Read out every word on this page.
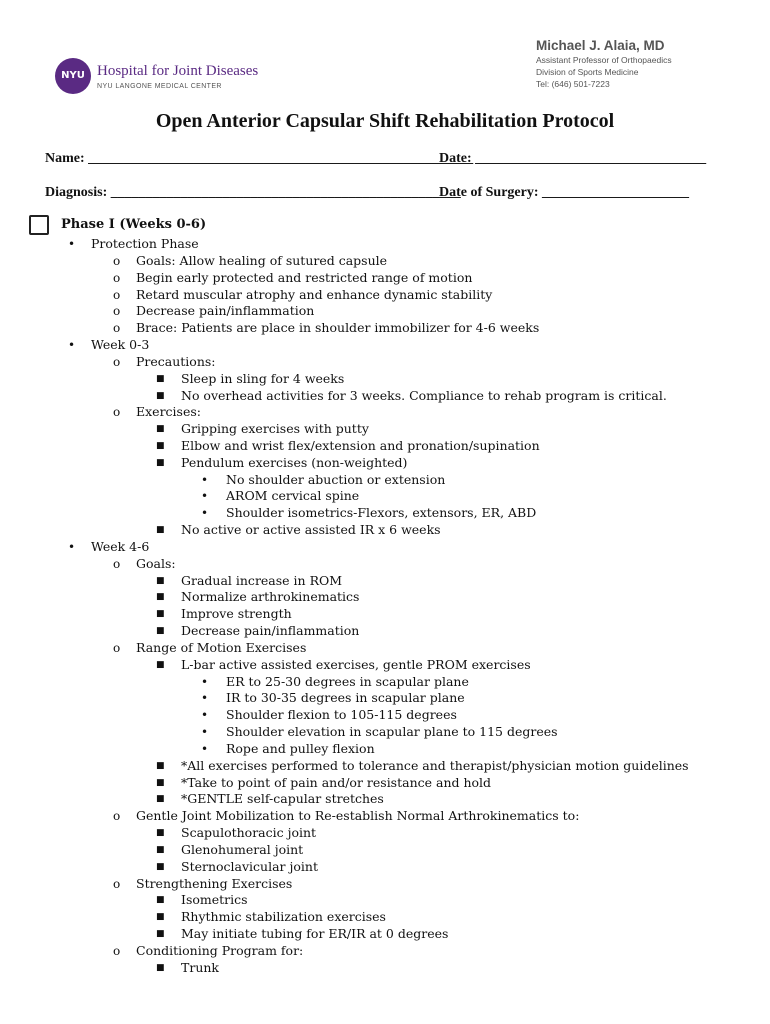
NYU Hospital for Joint Diseases
NYU LANGONE MEDICAL CENTER
Michael J. Alaia, MD
Assistant Professor of Orthopaedics
Division of Sports Medicine
Tel: (646) 501-7223
Open Anterior Capsular Shift Rehabilitation Protocol
Name: _______________________________________________________
Date: _________________________________
Diagnosis: __________________________________________________
Date of Surgery: _____________________
Phase I (Weeks 0-6)
• Protection Phase
o Goals: Allow healing of sutured capsule
o Begin early protected and restricted range of motion
o Retard muscular atrophy and enhance dynamic stability
o Decrease pain/inflammation
o Brace: Patients are place in shoulder immobilizer for 4-6 weeks
• Week 0-3
o Precautions:
■ Sleep in sling for 4 weeks
■ No overhead activities for 3 weeks. Compliance to rehab program is critical.
o Exercises:
■ Gripping exercises with putty
■ Elbow and wrist flex/extension and pronation/supination
■ Pendulum exercises (non-weighted)
• No shoulder abuction or extension
• AROM cervical spine
• Shoulder isometrics-Flexors, extensors, ER, ABD
■ No active or active assisted IR x 6 weeks
• Week 4-6
o Goals:
■ Gradual increase in ROM
■ Normalize arthrokinematics
■ Improve strength
■ Decrease pain/inflammation
o Range of Motion Exercises
■ L-bar active assisted exercises, gentle PROM exercises
• ER to 25-30 degrees in scapular plane
• IR to 30-35 degrees in scapular plane
• Shoulder flexion to 105-115 degrees
• Shoulder elevation in scapular plane to 115 degrees
• Rope and pulley flexion
■ *All exercises performed to tolerance and therapist/physician motion guidelines
■ *Take to point of pain and/or resistance and hold
■ *GENTLE self-capular stretches
o Gentle Joint Mobilization to Re-establish Normal Arthrokinematics to:
■ Scapulothoracic joint
■ Glenohumeral joint
■ Sternoclavicular joint
o Strengthening Exercises
■ Isometrics
■ Rhythmic stabilization exercises
■ May initiate tubing for ER/IR at 0 degrees
o Conditioning Program for:
■ Trunk
